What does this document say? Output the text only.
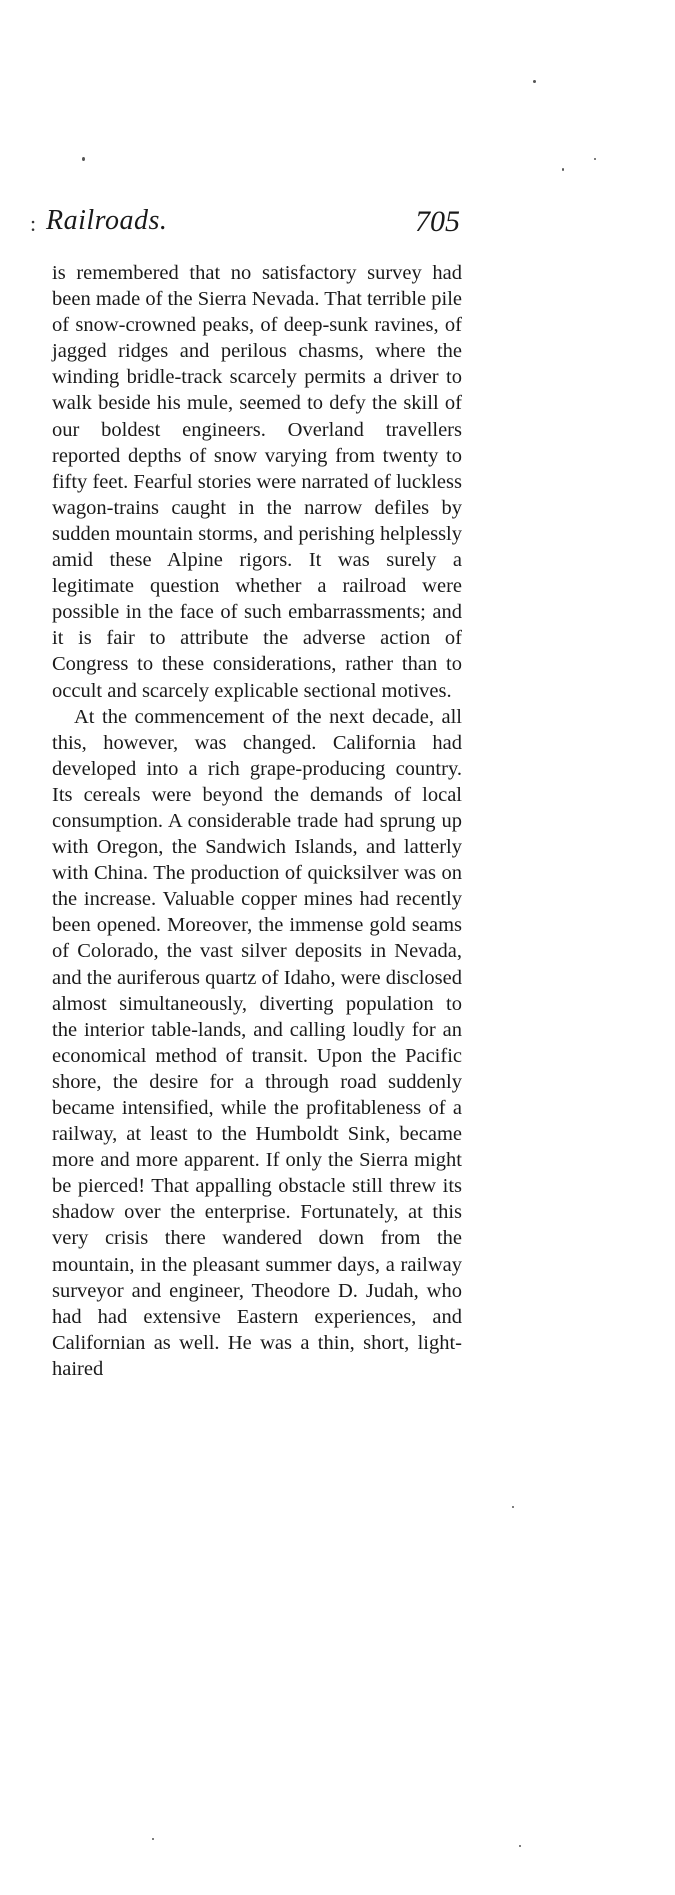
: Railroads.	705

is remembered that no satisfactory survey had been made of the Sierra Nevada. That terrible pile of snow-crowned peaks, of deep-sunk ravines, of jagged ridges and perilous chasms, where the winding bridle-track scarcely permits a driver to walk beside his mule, seemed to defy the skill of our boldest engineers. Overland travellers reported depths of snow varying from twenty to fifty feet. Fearful stories were narrated of luckless wagon-trains caught in the narrow defiles by sudden mountain storms, and perishing helplessly amid these Alpine rigors. It was surely a legitimate question whether a railroad were possible in the face of such embarrassments; and it is fair to attribute the adverse action of Congress to these considerations, rather than to occult and scarcely explicable sectional motives.

At the commencement of the next decade, all this, however, was changed. California had developed into a rich grape-producing country. Its cereals were beyond the demands of local consumption. A considerable trade had sprung up with Oregon, the Sandwich Islands, and latterly with China. The production of quicksilver was on the increase. Valuable copper mines had recently been opened. Moreover, the immense gold seams of Colorado, the vast silver deposits in Nevada, and the auriferous quartz of Idaho, were disclosed almost simultaneously, diverting population to the interior table-lands, and calling loudly for an economical method of transit. Upon the Pacific shore, the desire for a through road suddenly became intensified, while the profitableness of a railway, at least to the Humboldt Sink, became more and more apparent. If only the Sierra might be pierced! That appalling obstacle still threw its shadow over the enterprise. Fortunately, at this very crisis there wandered down from the mountain, in the pleasant summer days, a railway surveyor and engineer, Theodore D. Judah, who had had extensive Eastern experiences, and Californian as well. He was a thin, short, light-haired
